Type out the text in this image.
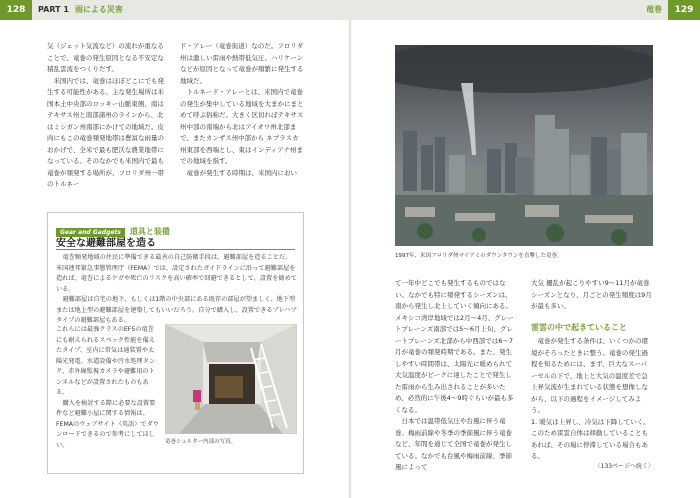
128	PART 1 雨による災害	竜巻	129

気（ジェット気流など）の流れが重なることで、竜巻の発生原因となる不安定な積乱雲流をつくりだす。

米国内では、竜巻はほぼどこにでも発生する可能性がある。主な発生場所は米国本土中央部のロッキー山脈東側、南はテキサス州と南部諸州のラインから、北はミシガン州南部にかけての地域だ。皮肉にもこの竜巻頻発地帯は豊富な雨量のおかげで、全米で最も肥沃な農業地帯になっている。そのなかでも米国内で最も竜巻が頻発する場所が、フロリダ州一帯のトルネー

ド・アレー（竜巻街道）なのだ。フロリダ州は激しい雷雨や熱帯低気圧、ハリケーンなどが原因となって竜巻が頻繁に発生する地域だ。

トルネード・アレーとは、米国内で竜巻の発生が集中している地域を大まかにまとめて呼ぶ俗称だ。大きく区切ればテキサス州中部の南端から北はアイオワ州北部まで、またカンザス州中部から ネブラスカ州東部を西端とし、東はインディアナ州までの地域を指す。

竜巻が発生する時期は、米国内におい

Gear and Gadgets 道具と装備
安全な避難部屋を造る

竜巻頻発地域の住民に準備できる最善の自己防衛手段は、避難部屋を造ることだ。米国連邦緊急事態管理庁（FEMA）では、設定されたガイドラインに沿って避難部屋を造れば、竜巻によるケガや死亡のリスクを高い確率で回避できるとして、設置を勧めている。

避難部屋は自宅の地下、もしくは1階の中央部にある既存の部屋が望ましく、地下型または地上型の避難部屋を建築してもいいだろう。自分で購入し、設置できるプレハブタイプの避難部屋もある。

これらには最強クラスのEF5の竜巻にも耐えられるスペック性能を備えたタイプ、室内に常気は通装置や太陽光発電、水道設備や汚水処理タンク、赤外線監視カメラや避難用のトンネルなどが設置されたものもある。

購入を検討する際に必要な設置要件など避難小屋に関する情報は、FEMAのウェブサイト（英語）でダウンロードできるので参考にしてほしい。	竜巻シェルター内部の写真。
1997年、米国フロリダ州マイアミのダウンタウンを直撃した竜巻。

て一年中どこでも発生するものではない。なかでも特に頻発するシーズンは、南から発生し北上していく傾向にある。メキシコ湾岸地域では2月〜4月、グレートプレーンズ南部では5〜6月上旬、グレートプレーンズ北部から中西部では6〜7月が竜巻の頻発時期である。また、発生しやすい時間帯は、太陽光に暖められて大気温度がピークに達したことで発生した雷雨から生み出されることが多いため、必然的に午後4〜9時ぐらいが最も多くなる。

日本では温帯低気圧や台風に伴う竜巻、梅雨前線や冬季の季節風に伴う竜巻など、年間を通じて全国で竜巻が発生している。なかでも台風や梅雨前線、季節風によって

大気 擾乱が起こりやすい9〜11月が竜巻シーズンとなり、月ごとの発生頻度は9月が最も多い。

雷雲の中で起きていること

竜巻が発生する条件は、いくつかの環境がそろったときに整う。竜巻の発生過程を知るためには、まず、巨大なスーパーセルの下で、地上と大気の温度差で急上昇気流が生まれている状態を想像しながら、以下の過程をイメージしてみよう。

1. 暖気は上昇し、冷気は下降していく。このため雷雲自体は移動していることもあれば、その場に停滞している場合もある。

〈133ページへ続く〉
